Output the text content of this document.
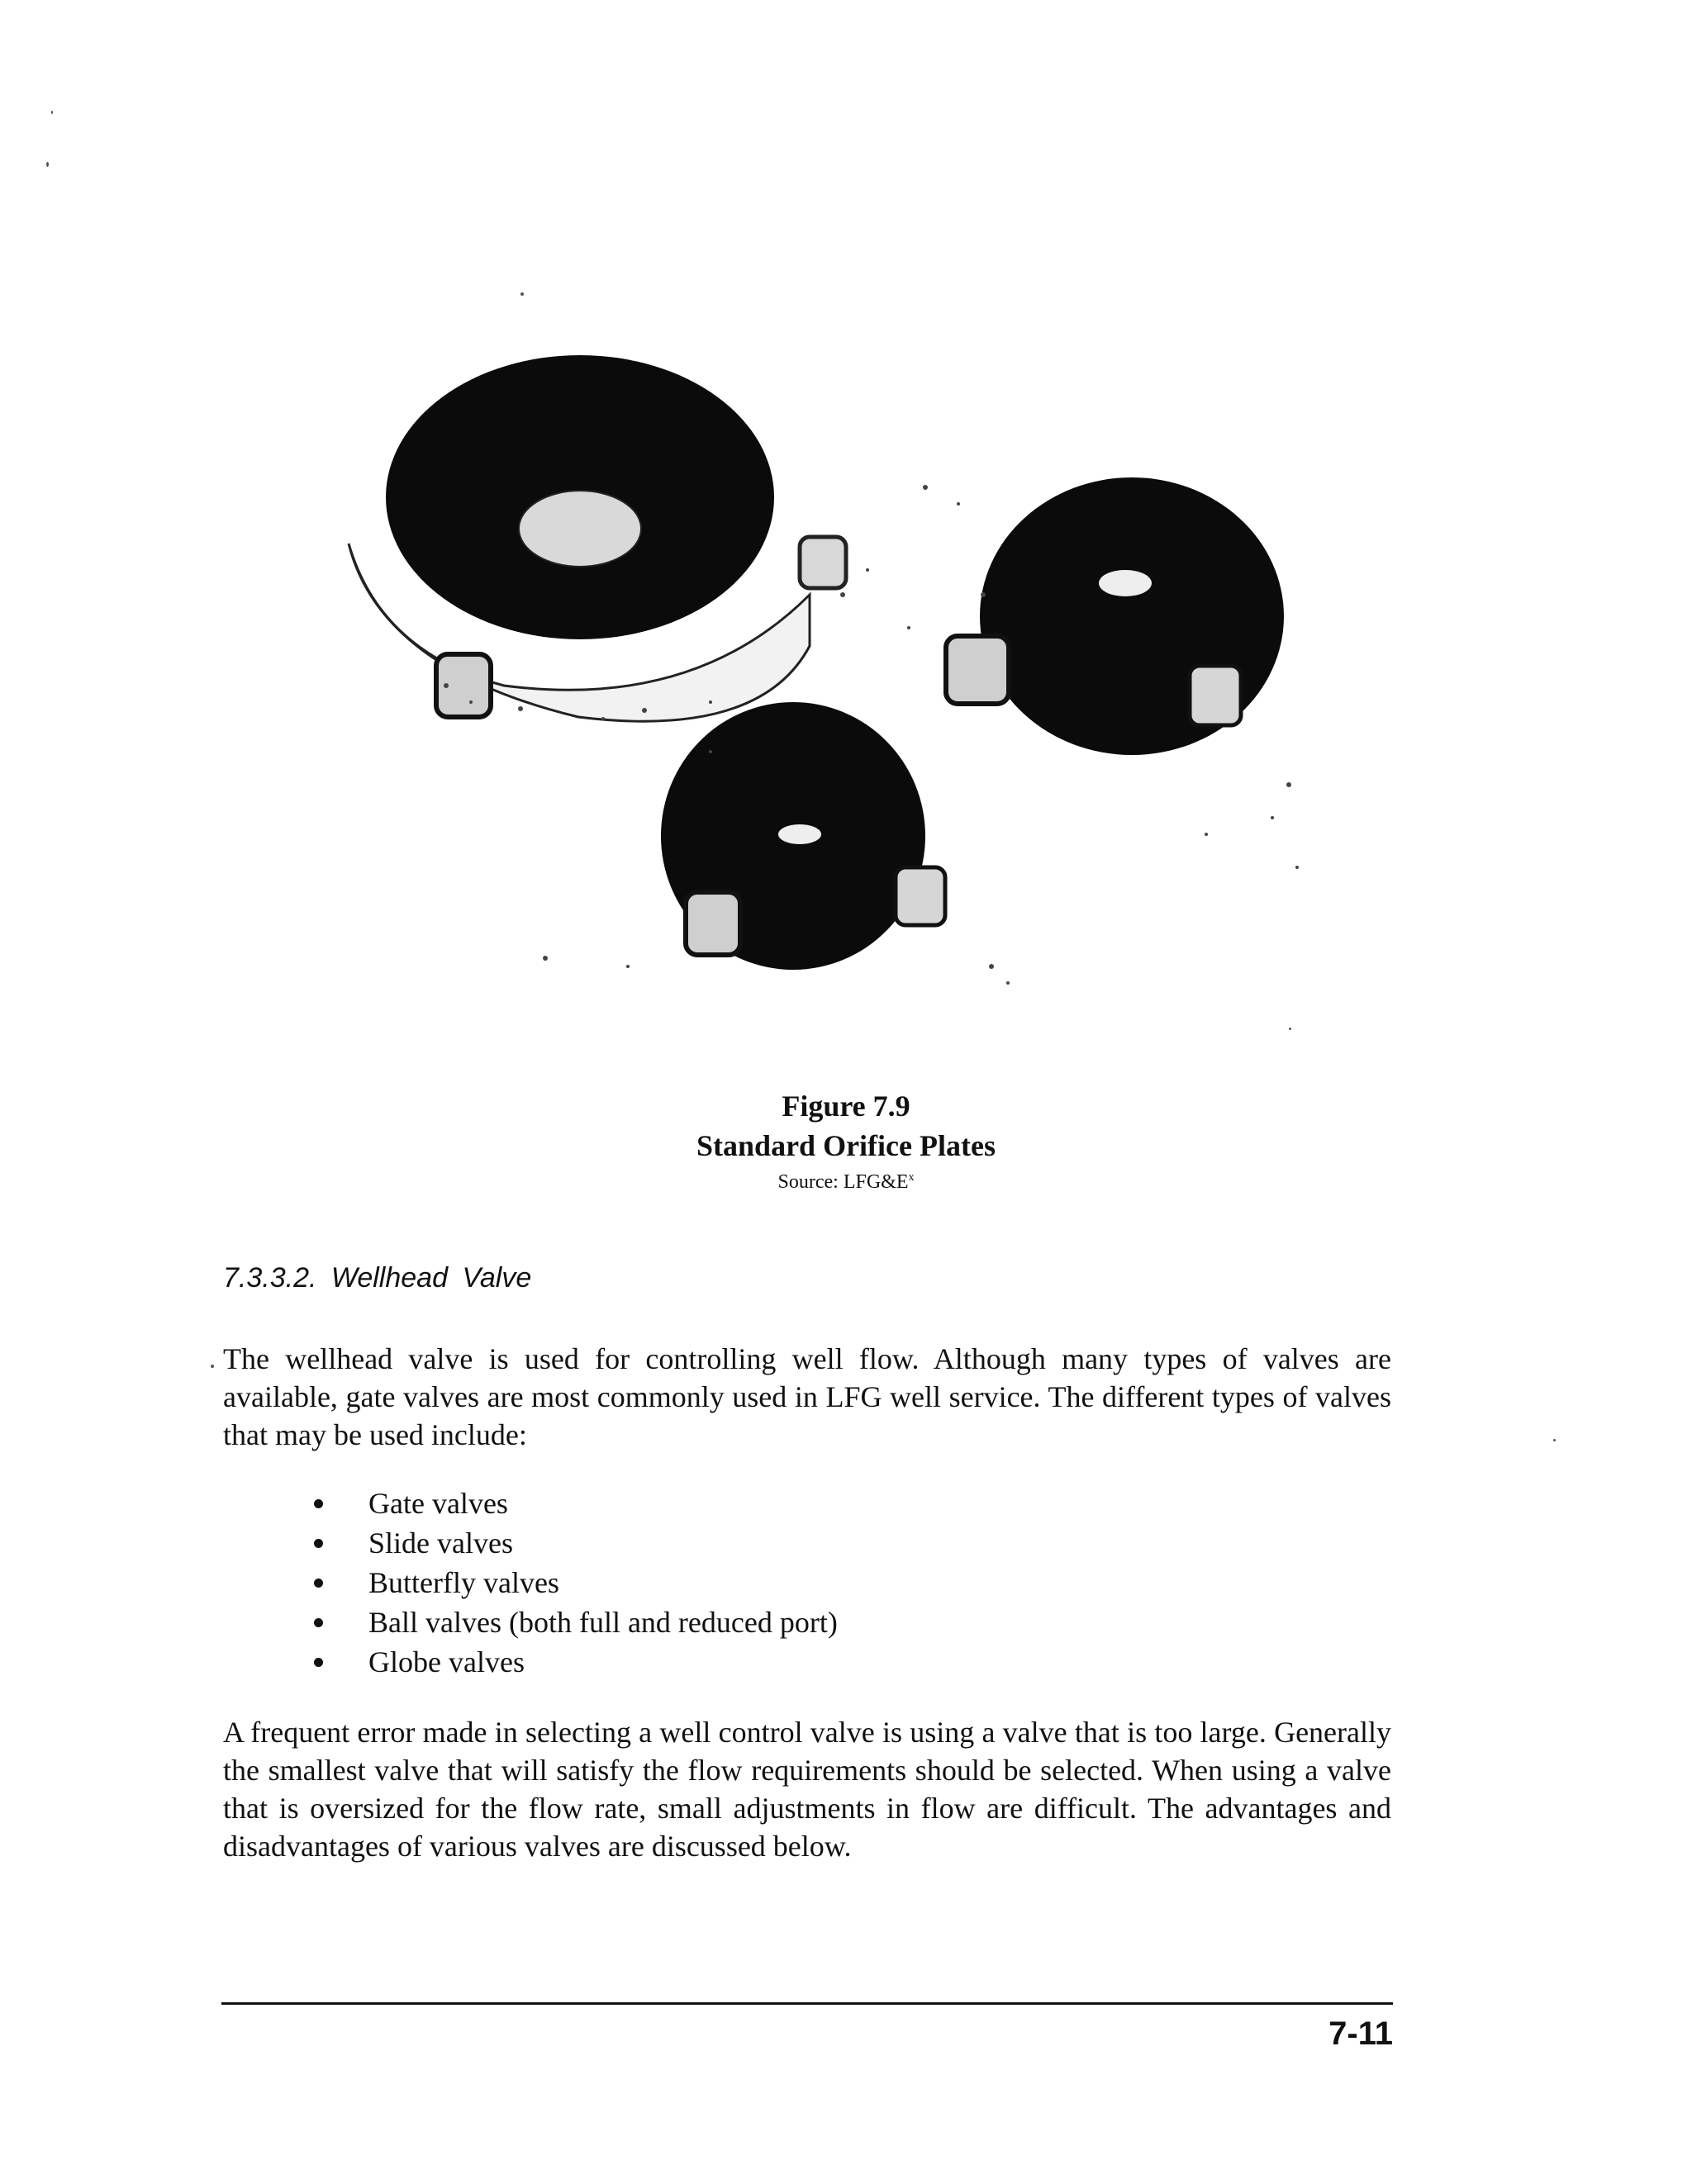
Figure 7.9
Standard Orifice Plates
Source: $LFG\&E^x$
7.3.3.2. Wellhead Valve

The wellhead valve is used for controlling well flow. Although many types of valves are available, gate valves are most commonly used in LFG well service. The different types of valves that may be used include:

Gate valves
Slide valves
Butterfly valves
Ball valves (both full and reduced port)
Globe valves

A frequent error made in selecting a well control valve is using a valve that is too large. Generally the smallest valve that will satisfy the flow requirements should be selected. When using a valve that is oversized for the flow rate, small adjustments in flow are difficult. The advantages and disadvantages of various valves are discussed below.

7-11
